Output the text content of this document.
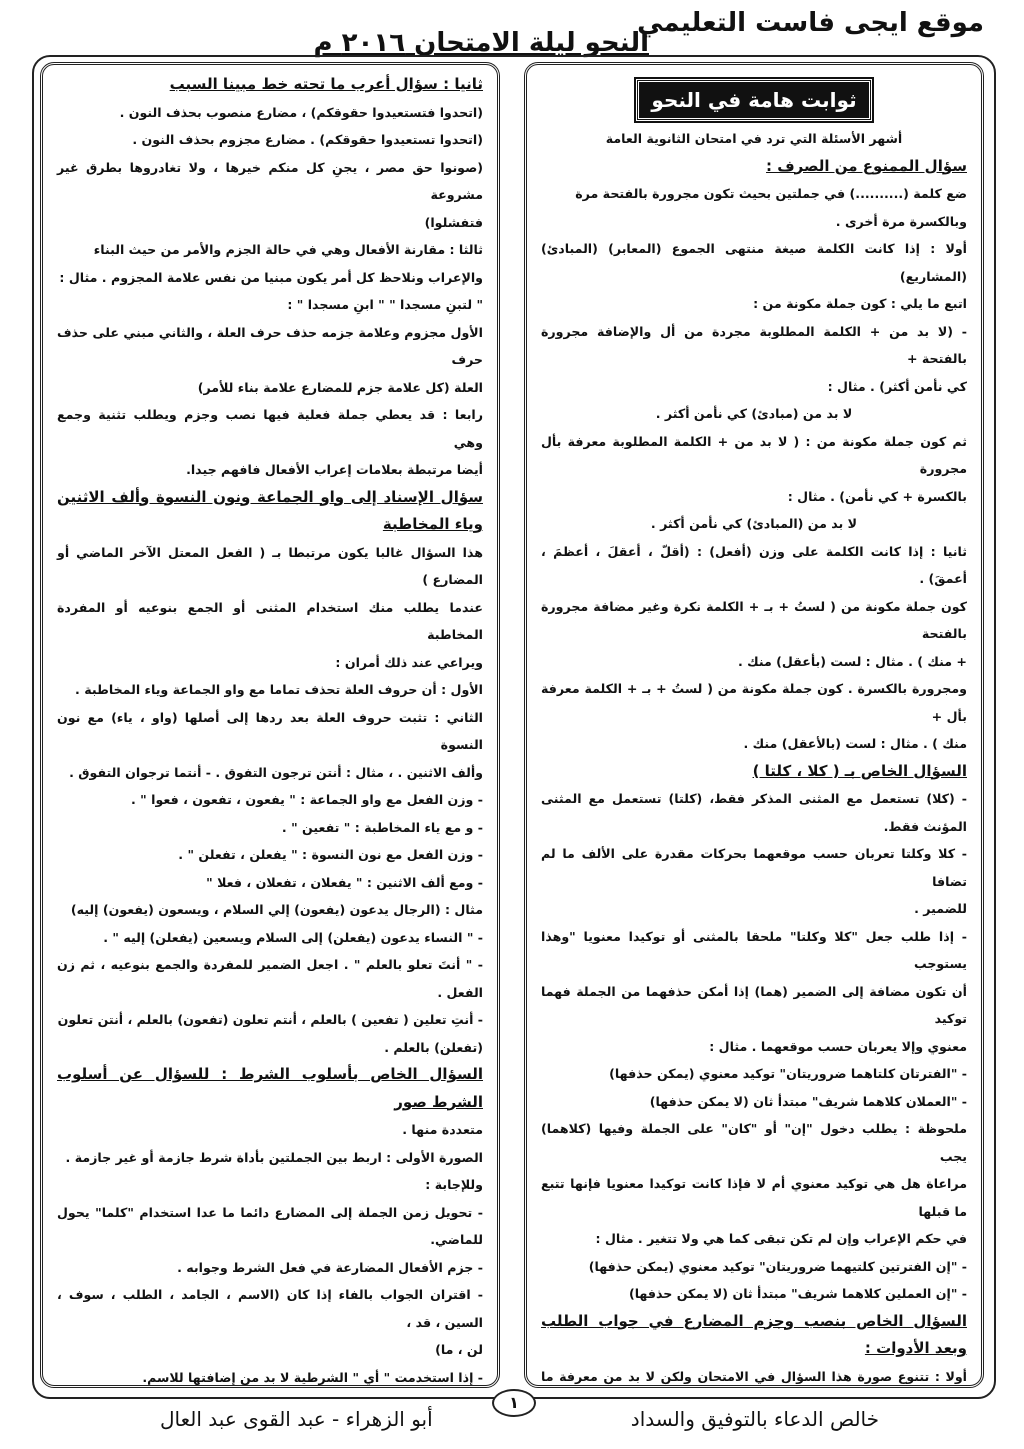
موقع ايجى فاست التعليمي
النحو ليلة الامتحان ٢٠١٦ م
ثوابت هامة في النحو

أشهر الأسئلة التي ترد في امتحان الثانوية العامة

سؤال الممنوع من الصرف :

ضع كلمة (..........) في جملتين بحيث تكون مجرورة بالفتحة مرة

وبالكسرة مرة أخرى .

أولا : إذا كانت الكلمة صيغة منتهى الجموع (المعابر) (المبادئ) (المشاريع)

اتبع ما يلي : كون جملة مكونة من :

- (لا بد من + الكلمة المطلوبة مجردة من أل والإضافة مجرورة بالفتحة +

كي نأمن أكثر) . مثال :

لا بد من (مبادئ) كي نأمن أكثر .

ثم كون جملة مكونة من : ( لا بد من + الكلمة المطلوبة معرفة بأل مجرورة

بالكسرة + كي نأمن) . مثال :

لا بد من (المبادئ) كي نأمن أكثر .

ثانيا : إذا كانت الكلمة على وزن (أفعل) : (أقلّ ، أعقلَ ، أعظمَ ، أعمقَ) .

كون جملة مكونة من ( لستُ + بـ + الكلمة نكرة وغير مضافة مجرورة بالفتحة

+ منك ) . مثال : لست (بأعقل) منك .

ومجرورة بالكسرة . كون جملة مكونة من ( لستُ + بـ + الكلمة معرفة بأل +

منك ) . مثال : لست (بالأعقل) منك .

السؤال الخاص بـ ( كلا ، كلتا )

- (كلا) تستعمل مع المثنى المذكر فقط، (كلتا) تستعمل مع المثنى المؤنث فقط.

- كلا وكلتا تعربان حسب موقعهما بحركات مقدرة على الألف ما لم تضافا

للضمير .

- إذا طلب جعل "كلا وكلتا" ملحقا بالمثنى أو توكيدا معنويا "وهذا يستوجب

أن تكون مضافة إلى الضمير (هما) إذا أمكن حذفهما من الجملة فهما توكيد

معنوي وإلا يعربان حسب موقعهما . مثال :

- "الفترتان كلتاهما ضروريتان" توكيد معنوي (يمكن حذفها)

- "العملان كلاهما شريف" مبتدأ ثان (لا يمكن حذفها)

ملحوظة : يطلب دخول "إن" أو "كان" على الجملة وفيها (كلاهما) يجب

مراعاة هل هي توكيد معنوي أم لا فإذا كانت توكيدا معنويا فإنها تتبع ما قبلها

في حكم الإعراب وإن لم تكن تبقى كما هي ولا تتغير . مثال :

- "إن الفترتين كلتيهما ضروريتان" توكيد معنوي (يمكن حذفها)

- "إن العملين كلاهما شريف" مبتدأ ثان (لا يمكن حذفها)

السؤال الخاص بنصب وجزم المضارع في جواب الطلب وبعد الأدوات :

أولا : تتنوع صورة هذا السؤال في الامتحان ولكن لا بد من معرفة ما

ثانيا : سؤال أعرب ما تحته خط مبينا السبب

(اتحدوا فتستعيدوا حقوقكم) ، مضارع منصوب بحذف النون .

(اتحدوا تستعيدوا حقوقكم) . مضارع مجزوم بحذف النون .

(صونوا حق مصر ، يجنِ كل منكم خيرها ، ولا تغادروها بطرق غير مشروعة

فتفشلوا)

ثالثا : مقارنة الأفعال وهي في حالة الجزم والأمر من حيث البناء

والإعراب ونلاحظ كل أمر يكون مبنيا من نفس علامة المجزوم . مثال :

" لتبنِ مسجدا " " ابنِ مسجدا " :

الأول مجزوم وعلامة جزمه حذف حرف العلة ، والثاني مبني على حذف حرف

العلة (كل علامة جزم للمضارع علامة بناء للأمر)

رابعا : قد يعطي جملة فعلية فيها نصب وجزم ويطلب تثنية وجمع وهي

أيضا مرتبطة بعلامات إعراب الأفعال فافهم جيدا.

سؤال الإسناد إلى واو الجماعة ونون النسوة وألف الاثنين وياء المخاطبة

هذا السؤال غالبا يكون مرتبطا بـ ( الفعل المعتل الآخر الماضي أو المضارع )

عندما يطلب منك استخدام المثنى أو الجمع بنوعيه أو المفردة المخاطبة

ويراعي عند ذلك أمران :

الأول : أن حروف العلة تحذف تماما مع واو الجماعة وياء المخاطبة .

الثاني : تثبت حروف العلة بعد ردها إلى أصلها (واو ، ياء) مع نون النسوة

وألف الاثنين . ، مثال : أنتن ترجون التفوق . - أنتما ترجوان التفوق .

- وزن الفعل مع واو الجماعة : " يفعون ، تفعون ، فعوا " .

- و مع ياء المخاطبة : " تفعين " .

- وزن الفعل مع نون النسوة : " يفعلن ، تفعلن " .

- ومع ألف الاثنين : " يفعلان ، تفعلان ، فعلا "

مثال : (الرجال يدعون (يفعون) إلي السلام ، ويسعون (يفعون) إليه)

- " النساء يدعون (يفعلن) إلى السلام ويسعين (يفعلن) إليه " .

- " أنتَ تعلو بالعلم " . اجعل الضمير للمفردة والجمع بنوعيه ، ثم زن الفعل .

- أنتِ تعلين ( تفعين ) بالعلم ، أنتم تعلون (تفعون) بالعلم ، أنتن تعلون

(تفعلن) بالعلم .

السؤال الخاص بأسلوب الشرط : للسؤال عن أسلوب الشرط صور

متعددة منها .

الصورة الأولى : اربط بين الجملتين بأداة شرط جازمة أو غير جازمة .

وللإجابة :

- تحويل زمن الجملة إلى المضارع دائما ما عدا استخدام "كلما" يحول للماضي.

- جزم الأفعال المضارعة في فعل الشرط وجوابه .

- اقتران الجواب بالفاء إذا كان (الاسم ، الجامد ، الطلب ، سوف ، السين ، قد ،

لن ، ما)

- إذا استخدمت " أي " الشرطية لا بد من إضافتها للاسم.

١
خالص الدعاء بالتوفيق والسداد
أبو الزهراء - عبد القوى عبد العال
